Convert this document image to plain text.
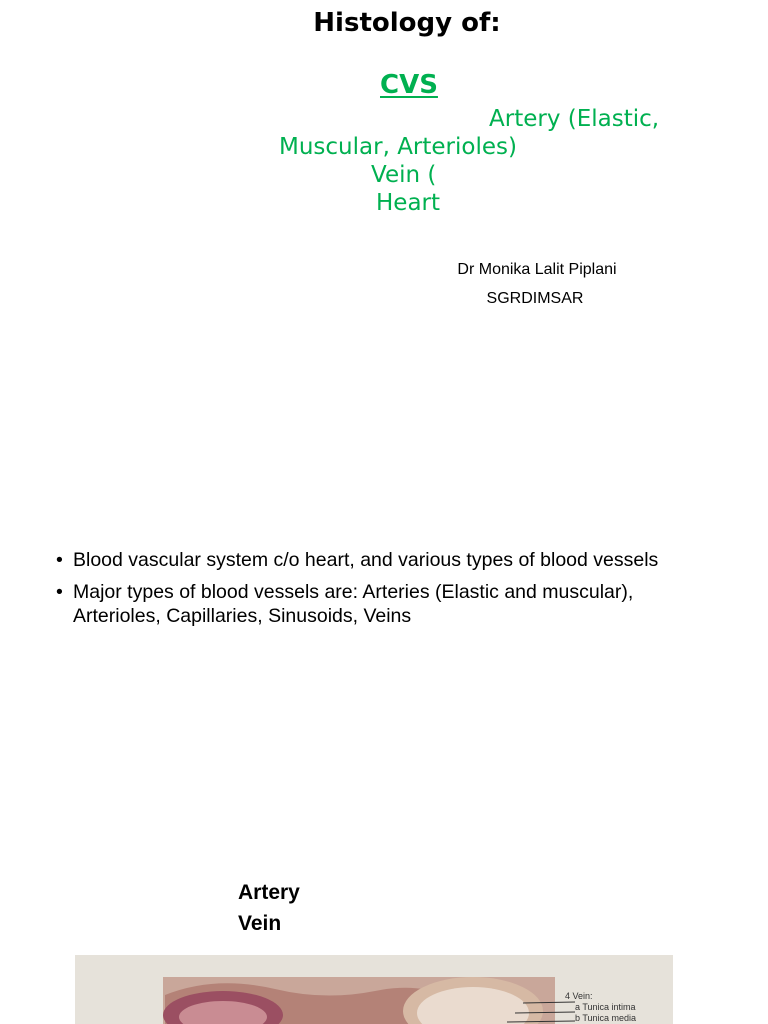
Histology of:
CVS
Artery (Elastic,
Muscular, Arterioles)
Vein (
Heart
Dr Monika Lalit Piplani
SGRDIMSAR
• Blood vascular system c/o heart, and various types of blood vessels
• Major types of blood vessels are: Arteries (Elastic and muscular), Arterioles, Capillaries, Sinusoids, Veins
Artery
Vein
4 Vein:
a Tunica intima
b Tunica media
